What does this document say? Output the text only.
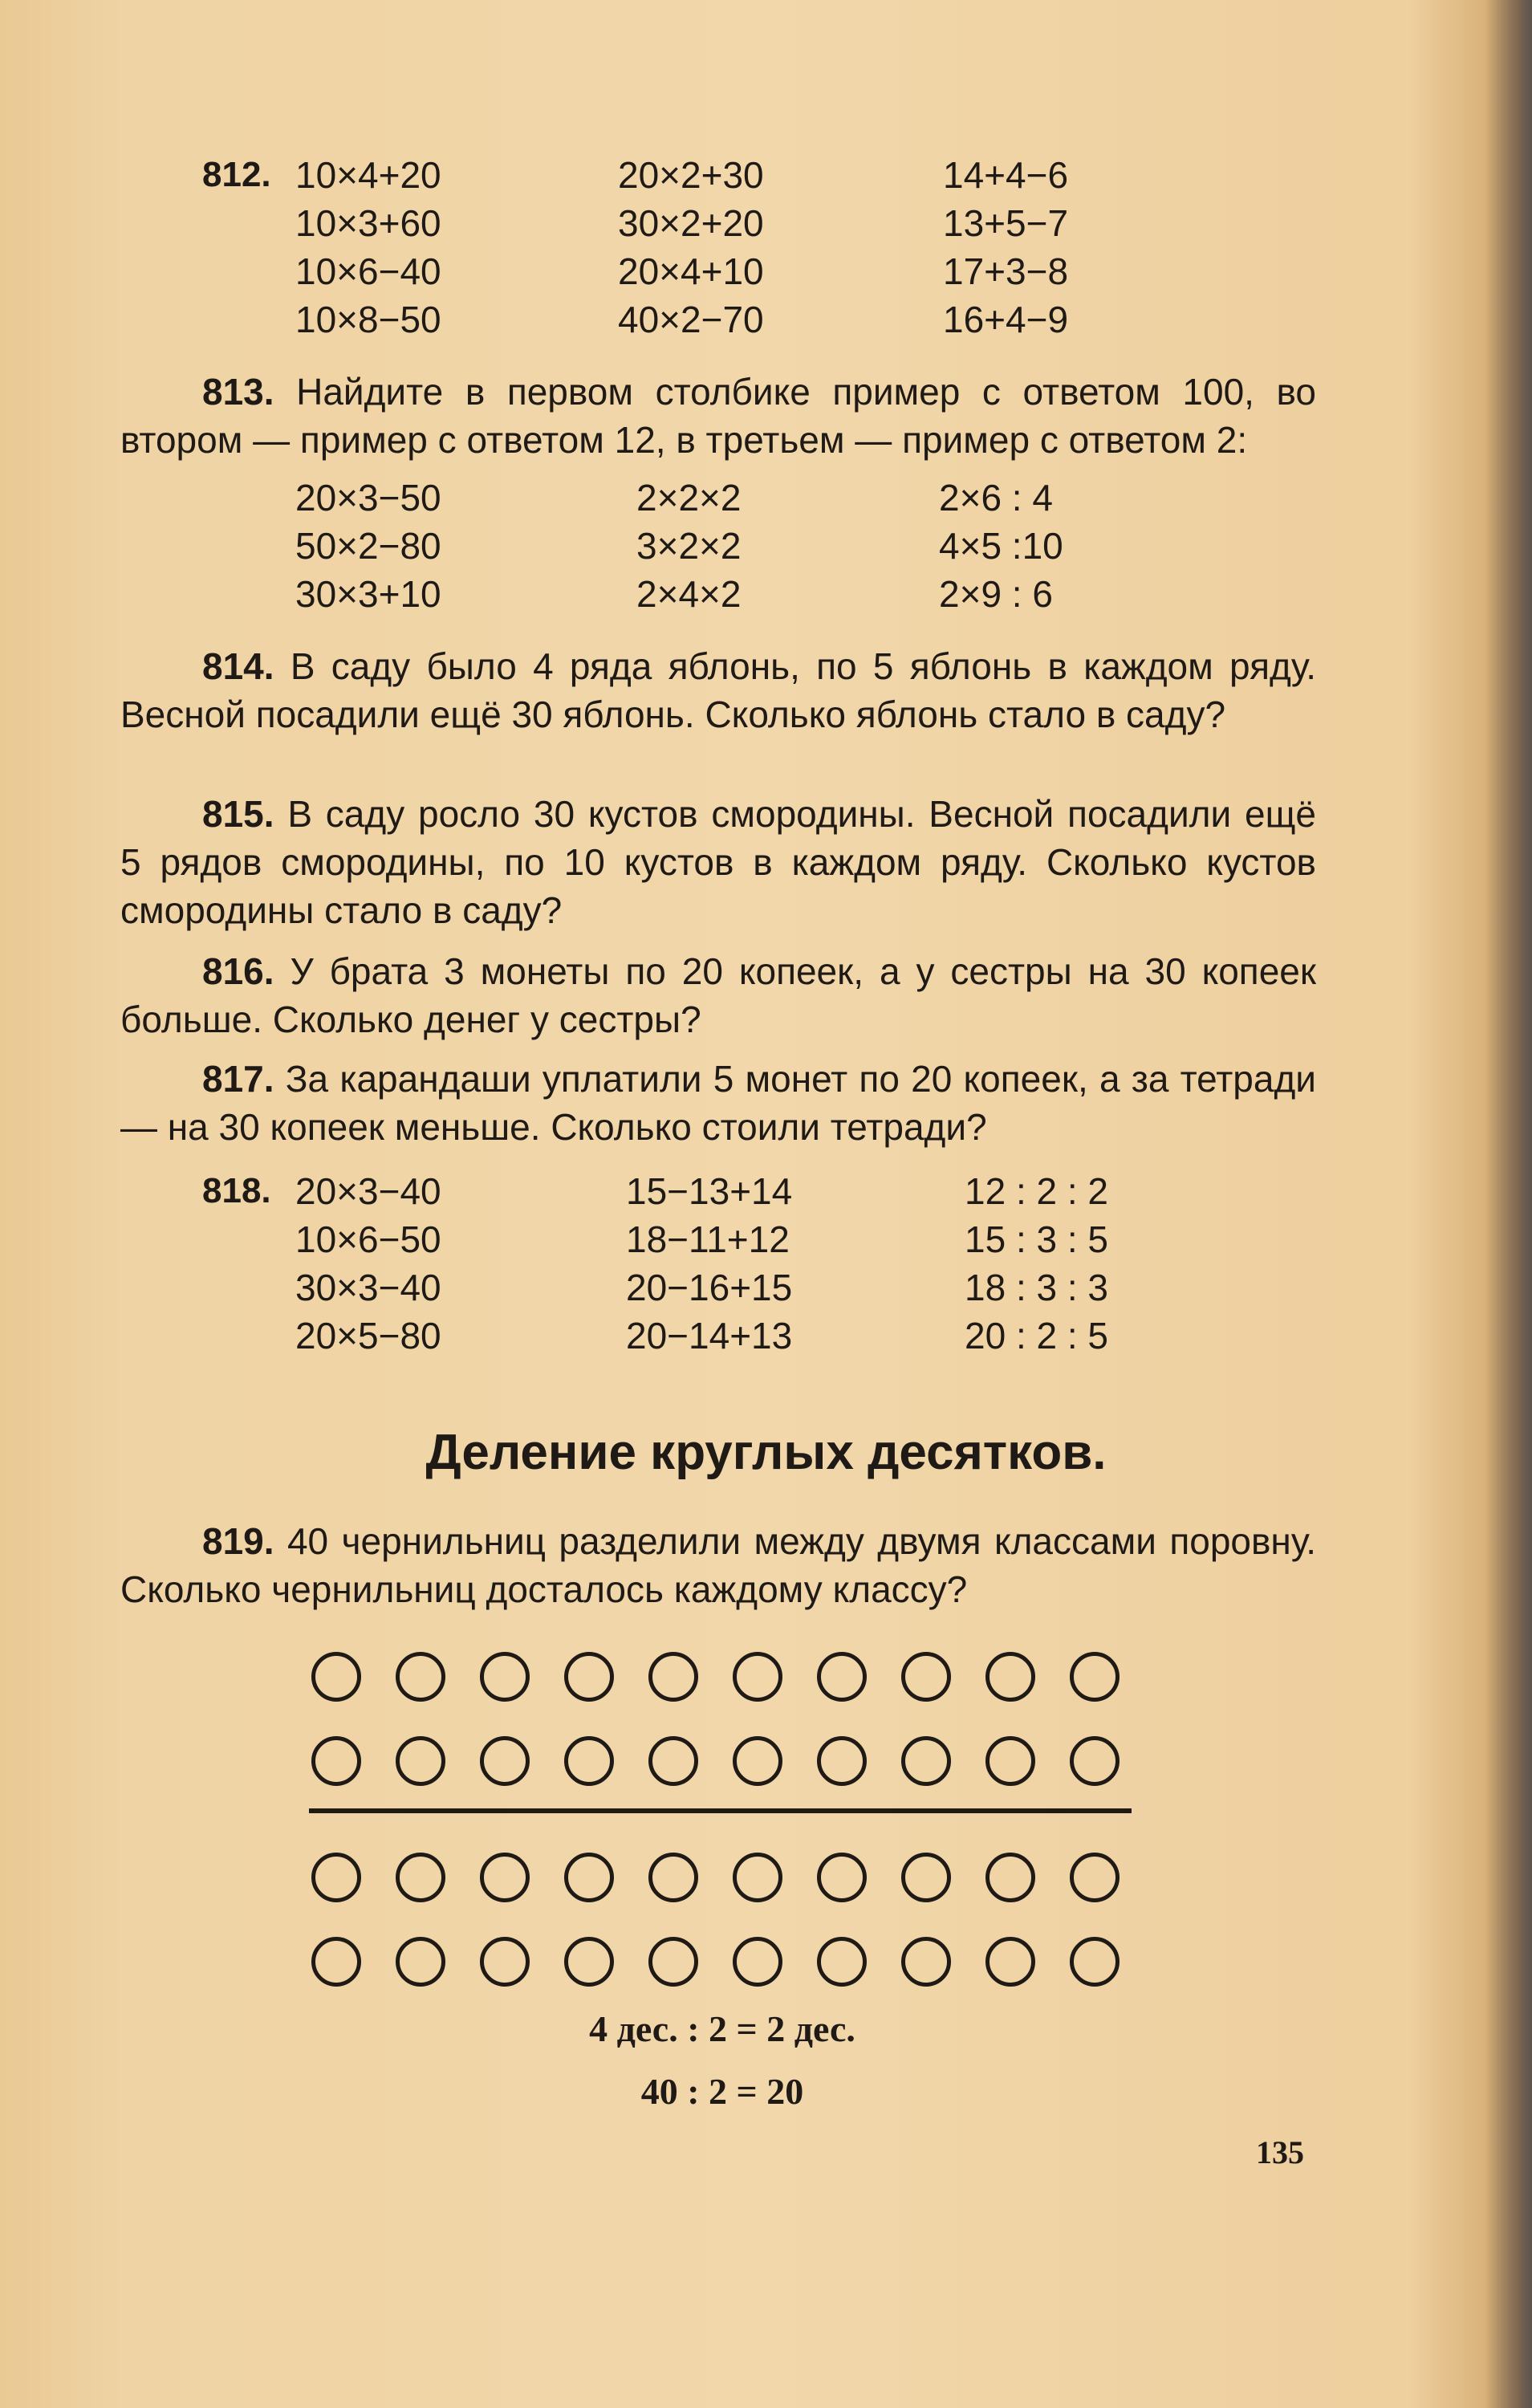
812. 10×4+20
10×3+60
10×6−40
10×8−50
20×2+30
30×2+20
20×4+10
40×2−70
14+4−6
13+5−7
17+3−8
16+4−9
813. Найдите в первом столбике пример с ответом 100, во втором — пример с ответом 12, в третьем — пример с ответом 2:
20×3−50
50×2−80
30×3+10
2×2×2
3×2×2
2×4×2
2×6 : 4
4×5 :10
2×9 : 6
814. В саду было 4 ряда яблонь, по 5 яблонь в каждом ряду. Весной посадили ещё 30 яблонь. Сколько яблонь стало в саду?
815. В саду росло 30 кустов смородины. Весной посадили ещё 5 рядов смородины, по 10 кустов в каждом ряду. Сколько кустов смородины стало в саду?
816. У брата 3 монеты по 20 копеек, а у сестры на 30 копеек больше. Сколько денег у сестры?
817. За карандаши уплатили 5 монет по 20 копеек, а за тетради — на 30 копеек меньше. Сколько стоили тетради?
818. 20×3−40
10×6−50
30×3−40
20×5−80
15−13+14
18−11+12
20−16+15
20−14+13
12 : 2 : 2
15 : 3 : 5
18 : 3 : 3
20 : 2 : 5
Деление круглых десятков.
819. 40 чернильниц разделили между двумя классами поровну. Сколько чернильниц досталось каждому классу?
4 дес. : 2 = 2 дес.
40 : 2 = 20
135
